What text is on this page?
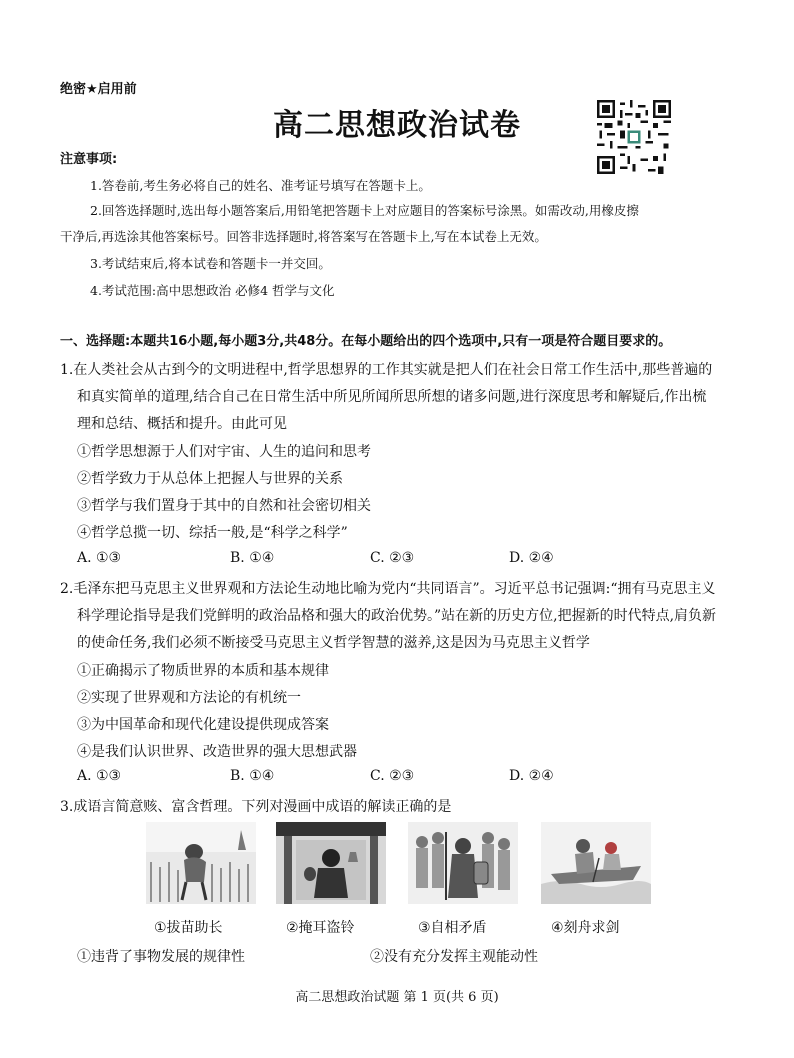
绝密★启用前
高二思想政治试卷
注意事项:
1.答卷前,考生务必将自己的姓名、准考证号填写在答题卡上。
2.回答选择题时,选出每小题答案后,用铅笔把答题卡上对应题目的答案标号涂黑。如需改动,用橡皮擦
干净后,再选涂其他答案标号。回答非选择题时,将答案写在答题卡上,写在本试卷上无效。
3.考试结束后,将本试卷和答题卡一并交回。
4.考试范围:高中思想政治 必修4 哲学与文化
一、选择题:本题共16小题,每小题3分,共48分。在每小题给出的四个选项中,只有一项是符合题目要求的。
1.在人类社会从古到今的文明进程中,哲学思想界的工作其实就是把人们在社会日常工作生活中,那些普遍的
和真实简单的道理,结合自己在日常生活中所见所闻所思所想的诸多问题,进行深度思考和解疑后,作出梳
理和总结、概括和提升。由此可见
①哲学思想源于人们对宇宙、人生的追问和思考
②哲学致力于从总体上把握人与世界的关系
③哲学与我们置身于其中的自然和社会密切相关
④哲学总揽一切、综括一般,是“科学之科学”
A. ①③	B. ①④	C. ②③	D. ②④
2.毛泽东把马克思主义世界观和方法论生动地比喻为党内“共同语言”。习近平总书记强调:“拥有马克思主义
科学理论指导是我们党鲜明的政治品格和强大的政治优势。”站在新的历史方位,把握新的时代特点,肩负新
的使命任务,我们必须不断接受马克思主义哲学智慧的滋养,这是因为马克思主义哲学
①正确揭示了物质世界的本质和基本规律
②实现了世界观和方法论的有机统一
③为中国革命和现代化建设提供现成答案
④是我们认识世界、改造世界的强大思想武器
A. ①③	B. ①④	C. ②③	D. ②④
3.成语言简意赅、富含哲理。下列对漫画中成语的解读正确的是
①拔苗助长	②掩耳盗铃	③自相矛盾	④刻舟求剑
①违背了事物发展的规律性	②没有充分发挥主观能动性
高二思想政治试题 第 1 页(共 6 页)
